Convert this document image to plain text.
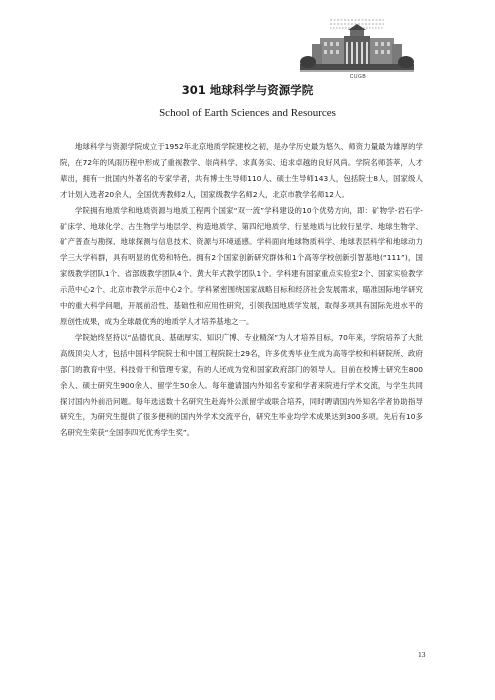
CUGB
301 地球科学与资源学院
School of Earth Sciences and Resources

地球科学与资源学院成立于1952年北京地质学院建校之初，是办学历史最为悠久、师资力量最为雄厚的学院，在72年的风雨历程中形成了重视教学、崇尚科学、求真务实、追求卓越的良好风尚。学院名师荟萃，人才辈出，拥有一批国内外著名的专家学者，共有博士生导师110人、硕士生导师143人，包括院士8人，国家级人才计划入选者20余人，全国优秀教师2人，国家级教学名师2人，北京市教学名师12人。

学院拥有地质学和地质资源与地质工程两个国家“双一流”学科建设的10个优势方向，即：矿物学-岩石学-矿床学、地球化学、古生物学与地层学、构造地质学、第四纪地质学、行星地质与比较行星学、地球生物学、矿产普查与勘探、地球探测与信息技术、资源与环境遥感。学科面向地球物质科学、地球表层科学和地球动力学三大学科群，具有明显的优势和特色。拥有2个国家创新研究群体和1个高等学校创新引智基地(“111”)，国家级教学团队1个、省部级教学团队4个、黄大年式教学团队1个。学科建有国家重点实验室2个、国家实验教学示范中心2个、北京市教学示范中心2个。学科紧密围绕国家战略目标和经济社会发展需求，瞄准国际地学研究中的重大科学问题，开展前沿性、基础性和应用性研究，引领我国地质学发展，取得多项具有国际先进水平的原创性成果，成为全球最优秀的地质学人才培养基地之一。

学院始终坚持以“品德优良、基础厚实、知识广博、专业精深”为人才培养目标，70年来，学院培养了大批高级顶尖人才，包括中国科学院院士和中国工程院院士29名，许多优秀毕业生成为高等学校和科研院所、政府部门的教育中坚、科技骨干和管理专家，有的人还成为党和国家政府部门的领导人。目前在校博士研究生800余人、硕士研究生900余人、留学生50余人。每年邀请国内外知名专家和学者来院进行学术交流，与学生共同探讨国内外前沿问题。每年选送数十名研究生赴海外公派留学或联合培养，同时聘请国内外知名学者协助指导研究生，为研究生提供了很多便利的国内外学术交流平台，研究生毕业均学术成果达到300多项。先后有10多名研究生荣获“全国李四光优秀学生奖”。

13
